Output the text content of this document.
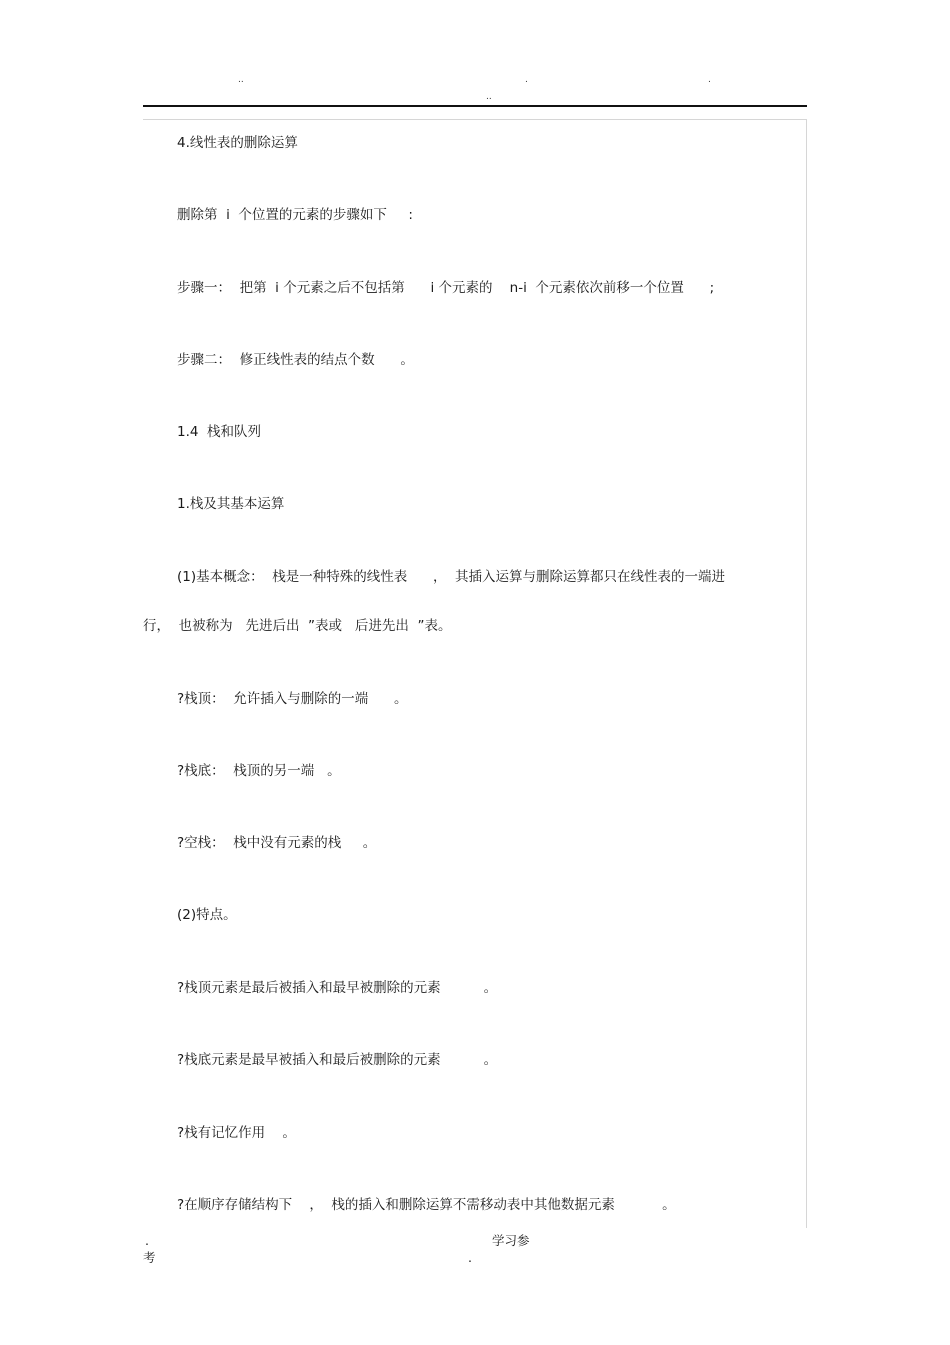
..	.	.
..
4.线性表的删除运算
删除第  i  个位置的元素的步骤如下     :
步骤一：  把第  i 个元素之后不包括第      i 个元素的    n-i  个元素依次前移一个位置      ;
步骤二：  修正线性表的结点个数      。
1.4  栈和队列
1.栈及其基本运算
(1)基本概念：  栈是一种特殊的线性表      ，  其插入运算与删除运算都只在线性表的一端进
行，  也被称为   先进后出  ”表或   后进先出  ”表。
?栈顶：  允许插入与删除的一端      。
?栈底：  栈顶的另一端   。
?空栈：  栈中没有元素的栈     。
(2)特点。
?栈顶元素是最后被插入和最早被删除的元素          。
?栈底元素是最早被插入和最后被删除的元素          。
?栈有记忆作用    。
?在顺序存储结构下    ，  栈的插入和删除运算不需移动表中其他数据元素           。
.	学习参
考	.
